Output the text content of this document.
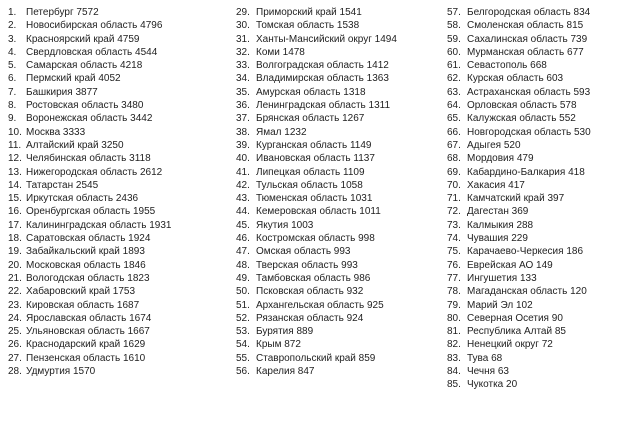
1. Петербург 7572
2. Новосибирская область 4796
3. Красноярский край 4759
4. Свердловская область 4544
5. Самарская область 4218
6. Пермский край 4052
7. Башкирия 3877
8. Ростовская область 3480
9. Воронежская область 3442
10. Москва 3333
11. Алтайский край 3250
12. Челябинская область 3118
13. Нижегородская область 2612
14. Татарстан 2545
15. Иркутская область 2436
16. Оренбургская область 1955
17. Калининградская область 1931
18. Саратовская область 1924
19. Забайкальский край 1893
20. Московская область 1846
21. Вологодская область 1823
22. Хабаровский край 1753
23. Кировская область 1687
24. Ярославская область 1674
25. Ульяновская область 1667
26. Краснодарский край 1629
27. Пензенская область 1610
28. Удмуртия 1570
29. Приморский край 1541
30. Томская область 1538
31. Ханты-Мансийский округ 1494
32. Коми 1478
33. Волгоградская область 1412
34. Владимирская область 1363
35. Амурская область 1318
36. Ленинградская область 1311
37. Брянская область 1267
38. Ямал 1232
39. Курганская область 1149
40. Ивановская область 1137
41. Липецкая область 1109
42. Тульская область 1058
43. Тюменская область 1031
44. Кемеровская область 1011
45. Якутия 1003
46. Костромская область 998
47. Омская область 993
48. Тверская область 993
49. Тамбовская область 986
50. Псковская область 932
51. Архангельская область 925
52. Рязанская область 924
53. Бурятия 889
54. Крым 872
55. Ставропольский край 859
56. Карелия 847
57. Белгородская область 834
58. Смоленская область 815
59. Сахалинская область 739
60. Мурманская область 677
61. Севастополь 668
62. Курская область 603
63. Астраханская область 593
64. Орловская область 578
65. Калужская область 552
66. Новгородская область 530
67. Адыгея 520
68. Мордовия 479
69. Кабардино-Балкария 418
70. Хакасия 417
71. Камчатский край 397
72. Дагестан 369
73. Калмыкия 288
74. Чувашия 229
75. Карачаево-Черкесия 186
76. Еврейская АО 149
77. Ингушетия 133
78. Магаданская область 120
79. Марий Эл 102
80. Северная Осетия 90
81. Республика Алтай 85
82. Ненецкий округ 72
83. Тува 68
84. Чечня 63
85. Чукотка 20
